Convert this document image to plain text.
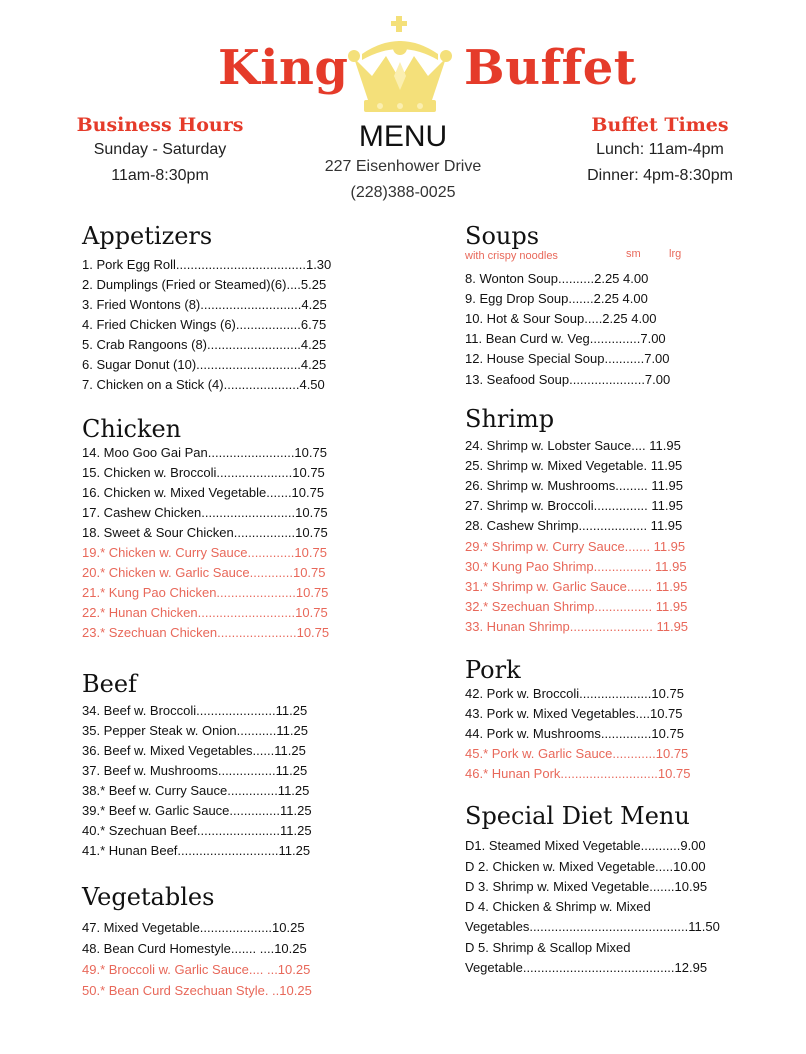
King Buffet
Business Hours
Sunday - Saturday
11am-8:30pm
MENU
227 Eisenhower Drive
(228)388-0025
Buffet Times
Lunch: 11am-4pm
Dinner: 4pm-8:30pm
Appetizers
1. Pork Egg Roll....................................1.30
2. Dumplings (Fried or Steamed)(6)....5.25
3. Fried Wontons (8)............................4.25
4. Fried Chicken Wings (6)..................6.75
5. Crab Rangoons (8)..........................4.25
6. Sugar Donut (10).............................4.25
7. Chicken on a Stick (4).....................4.50
Chicken
14. Moo Goo Gai Pan........................10.75
15. Chicken w. Broccoli.....................10.75
16. Chicken w. Mixed Vegetable.......10.75
17. Cashew Chicken..........................10.75
18. Sweet & Sour Chicken.................10.75
19.* Chicken w. Curry Sauce.............10.75
20.* Chicken w. Garlic Sauce............10.75
21.* Kung Pao Chicken......................10.75
22.* Hunan Chicken...........................10.75
23.* Szechuan Chicken......................10.75
Beef
34. Beef w. Broccoli......................11.25
35. Pepper Steak w. Onion...........11.25
36. Beef w. Mixed Vegetables......11.25
37. Beef w. Mushrooms................11.25
38.* Beef w. Curry Sauce..............11.25
39.* Beef w. Garlic Sauce..............11.25
40.* Szechuan Beef.......................11.25
41.* Hunan Beef............................11.25
Vegetables
47. Mixed Vegetable....................10.25
48. Bean Curd Homestyle....... ....10.25
49.* Broccoli w. Garlic Sauce.... ...10.25
50.* Bean Curd Szechuan Style. ..10.25
Soups
with crispy noodles	sm	lrg
8. Wonton Soup..........2.25 4.00
9. Egg Drop Soup.......2.25 4.00
10. Hot & Sour Soup.....2.25 4.00
11. Bean Curd w. Veg..............7.00
12. House Special Soup...........7.00
13. Seafood Soup.....................7.00
Shrimp
24. Shrimp w. Lobster Sauce.... 11.95
25. Shrimp w. Mixed Vegetable. 11.95
26. Shrimp w. Mushrooms......... 11.95
27. Shrimp w. Broccoli............... 11.95
28. Cashew Shrimp................... 11.95
29.* Shrimp w. Curry Sauce....... 11.95
30.* Kung Pao Shrimp................ 11.95
31.* Shrimp w. Garlic Sauce....... 11.95
32.* Szechuan Shrimp................ 11.95
33. Hunan Shrimp....................... 11.95
Pork
42. Pork w. Broccoli....................10.75
43. Pork w. Mixed Vegetables....10.75
44. Pork w. Mushrooms..............10.75
45.* Pork w. Garlic Sauce............10.75
46.* Hunan Pork...........................10.75
Special Diet Menu
D1. Steamed Mixed Vegetable...........9.00
D 2. Chicken w. Mixed Vegetable.....10.00
D 3. Shrimp w. Mixed Vegetable.......10.95
D 4. Chicken & Shrimp w. Mixed
Vegetables............................................11.50
D 5. Shrimp & Scallop Mixed
Vegetable..........................................12.95
